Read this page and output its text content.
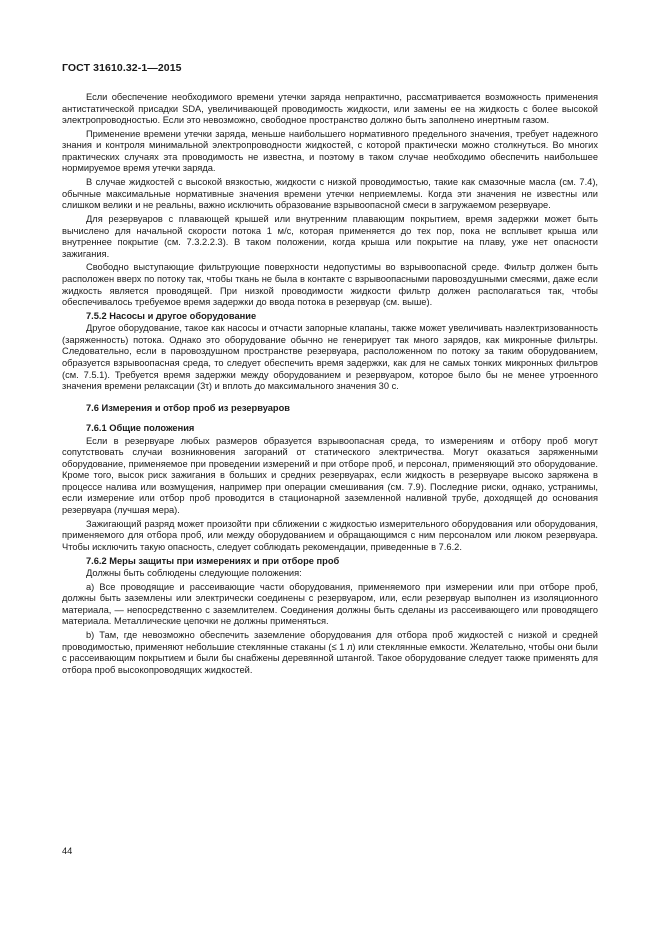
ГОСТ 31610.32-1—2015

Если обеспечение необходимого времени утечки заряда непрактично, рассматривается возможность применения антистатической присадки SDA, увеличивающей проводимость жидкости, или замены ее на жидкость с более высокой электропроводностью. Если это невозможно, свободное пространство должно быть заполнено инертным газом.

Применение времени утечки заряда, меньше наибольшего нормативного предельного значения, требует надежного знания и контроля минимальной электропроводности жидкостей, с которой практически можно столкнуться. Во многих практических случаях эта проводимость не известна, и поэтому в таком случае необходимо обеспечить наибольшее нормируемое время утечки заряда.

В случае жидкостей с высокой вязкостью, жидкости с низкой проводимостью, такие как смазочные масла (см. 7.4), обычные максимальные нормативные значения времени утечки неприемлемы. Когда эти значения не известны или слишком велики и не реальны, важно исключить образование взрывоопасной смеси в загружаемом резервуаре.

Для резервуаров с плавающей крышей или внутренним плавающим покрытием, время задержки может быть вычислено для начальной скорости потока 1 м/с, которая применяется до тех пор, пока не всплывет крыша или внутреннее покрытие (см. 7.3.2.2.3). В таком положении, когда крыша или покрытие на плаву, уже нет опасности зажигания.

Свободно выступающие фильтрующие поверхности недопустимы во взрывоопасной среде. Фильтр должен быть расположен вверх по потоку так, чтобы ткань не была в контакте с взрывоопасными паровоздушными смесями, даже если жидкость является проводящей. При низкой проводимости жидкости фильтр должен располагаться так, чтобы обеспечивалось требуемое время задержки до ввода потока в резервуар (см. выше).

7.5.2 Насосы и другое оборудование

Другое оборудование, такое как насосы и отчасти запорные клапаны, также может увеличивать наэлектризованность (заряженность) потока. Однако это оборудование обычно не генерирует так много зарядов, как микронные фильтры. Следовательно, если в паровоздушном пространстве резервуара, расположенном по потоку за таким оборудованием, образуется взрывоопасная среда, то следует обеспечить время задержки, как для не самых тонких микронных фильтров (см. 7.5.1). Требуется время задержки между оборудованием и резервуаром, которое было бы не менее утроенного значения времени релаксации (3τ) и вплоть до максимального значения 30 с.

7.6 Измерения и отбор проб из резервуаров
7.6.1 Общие положения

Если в резервуаре любых размеров образуется взрывоопасная среда, то измерениям и отбору проб могут сопутствовать случаи возникновения загораний от статического электричества. Могут оказаться заряженными оборудование, применяемое при проведении измерений и при отборе проб, и персонал, применяющий это оборудование. Кроме того, высок риск зажигания в больших и средних резервуарах, если жидкость в резервуаре высоко заряжена в процессе налива или возмущения, например при операции смешивания (см. 7.9). Последние риски, однако, устранимы, если измерение или отбор проб проводится в стационарной заземленной наливной трубе, доходящей до основания резервуара (лучшая мера).

Зажигающий разряд может произойти при сближении с жидкостью измерительного оборудования или оборудования, применяемого для отбора проб, или между оборудованием и обращающимся с ним персоналом или люком резервуара. Чтобы исключить такую опасность, следует соблюдать рекомендации, приведенные в 7.6.2.

7.6.2 Меры защиты при измерениях и при отборе проб

Должны быть соблюдены следующие положения:

а) Все проводящие и рассеивающие части оборудования, применяемого при измерении или при отборе проб, должны быть заземлены или электрически соединены с резервуаром, или, если резервуар выполнен из изоляционного материала, — непосредственно с заземлителем. Соединения должны быть сделаны из рассеивающего или проводящего материала. Металлические цепочки не должны применяться.

b) Там, где невозможно обеспечить заземление оборудования для отбора проб жидкостей с низкой и средней проводимостью, применяют небольшие стеклянные стаканы (≤ 1 л) или стеклянные емкости. Желательно, чтобы они были с рассеивающим покрытием и были бы снабжены деревянной штангой. Такое оборудование следует также применять для отбора проб высокопроводящих жидкостей.

44
